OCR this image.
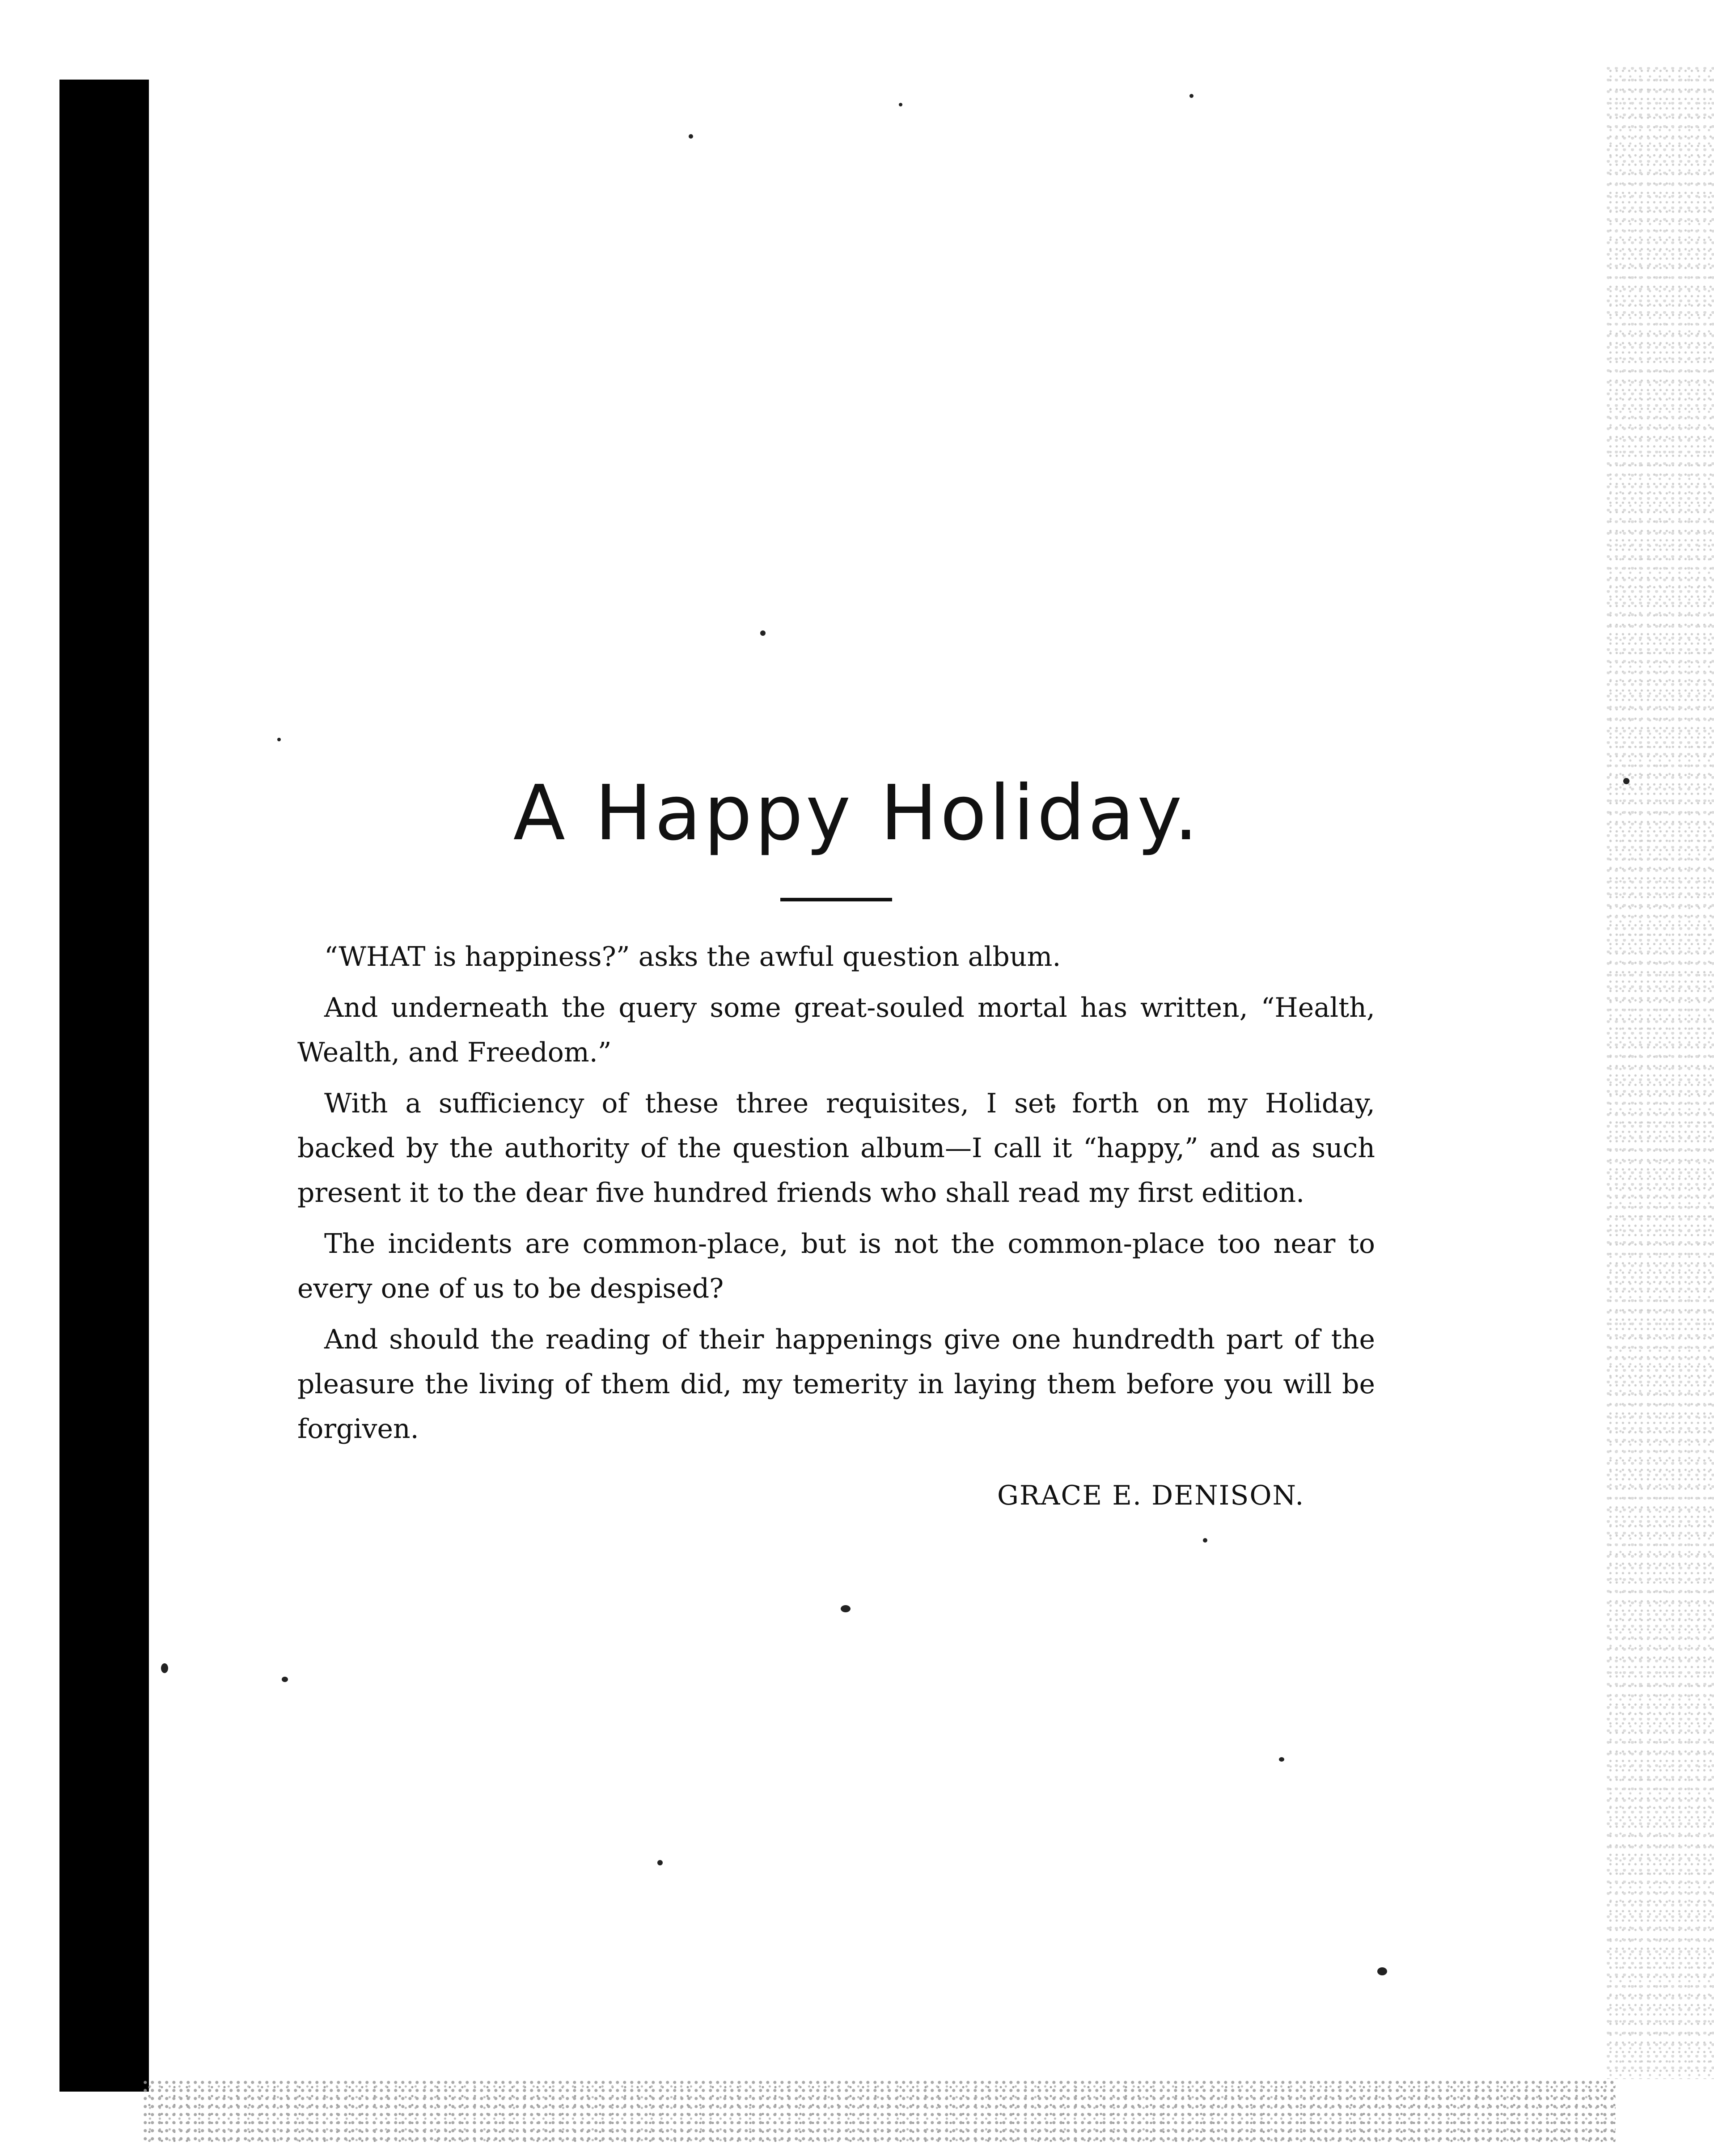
A Happy Holiday.

“WHAT is happiness?” asks the awful question album.

And underneath the query some great-souled mortal has written, “Health, Wealth, and Freedom.”

With a sufficiency of these three requisites, I set forth on my Holiday, backed by the authority of the question album—I call it “happy,” and as such present it to the dear five hundred friends who shall read my first edition.

The incidents are common-place, but is not the common-place too near to every one of us to be despised?

And should the reading of their happenings give one hundredth part of the pleasure the living of them did, my temerity in laying them before you will be forgiven.

GRACE E. DENISON.
